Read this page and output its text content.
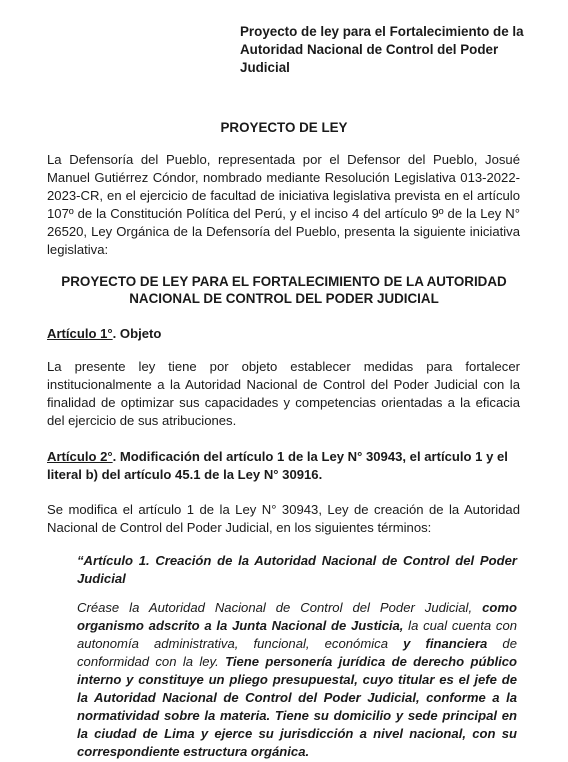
Proyecto de ley para el Fortalecimiento de la Autoridad Nacional de Control del Poder Judicial
PROYECTO DE LEY
La Defensoría del Pueblo, representada por el Defensor del Pueblo, Josué Manuel Gutiérrez Cóndor, nombrado mediante Resolución Legislativa 013-2022-2023-CR, en el ejercicio de facultad de iniciativa legislativa prevista en el artículo 107º de la Constitución Política del Perú, y el inciso 4 del artículo 9º de la Ley N° 26520, Ley Orgánica de la Defensoría del Pueblo, presenta la siguiente iniciativa legislativa:
PROYECTO DE LEY PARA EL FORTALECIMIENTO DE LA AUTORIDAD NACIONAL DE CONTROL DEL PODER JUDICIAL
Artículo 1°. Objeto
La presente ley tiene por objeto establecer medidas para fortalecer institucionalmente a la Autoridad Nacional de Control del Poder Judicial con la finalidad de optimizar sus capacidades y competencias orientadas a la eficacia del ejercicio de sus atribuciones.
Artículo 2°. Modificación del artículo 1 de la Ley N° 30943, el artículo 1 y el literal b) del artículo 45.1 de la Ley N° 30916.
Se modifica el artículo 1 de la Ley N° 30943, Ley de creación de la Autoridad Nacional de Control del Poder Judicial, en los siguientes términos:
“Artículo 1. Creación de la Autoridad Nacional de Control del Poder Judicial
Créase la Autoridad Nacional de Control del Poder Judicial, como organismo adscrito a la Junta Nacional de Justicia, la cual cuenta con autonomía administrativa, funcional, económica y financiera de conformidad con la ley. Tiene personería jurídica de derecho público interno y constituye un pliego presupuestal, cuyo titular es el jefe de la Autoridad Nacional de Control del Poder Judicial, conforme a la normatividad sobre la materia. Tiene su domicilio y sede principal en la ciudad de Lima y ejerce su jurisdicción a nivel nacional, con su correspondiente estructura orgánica.
